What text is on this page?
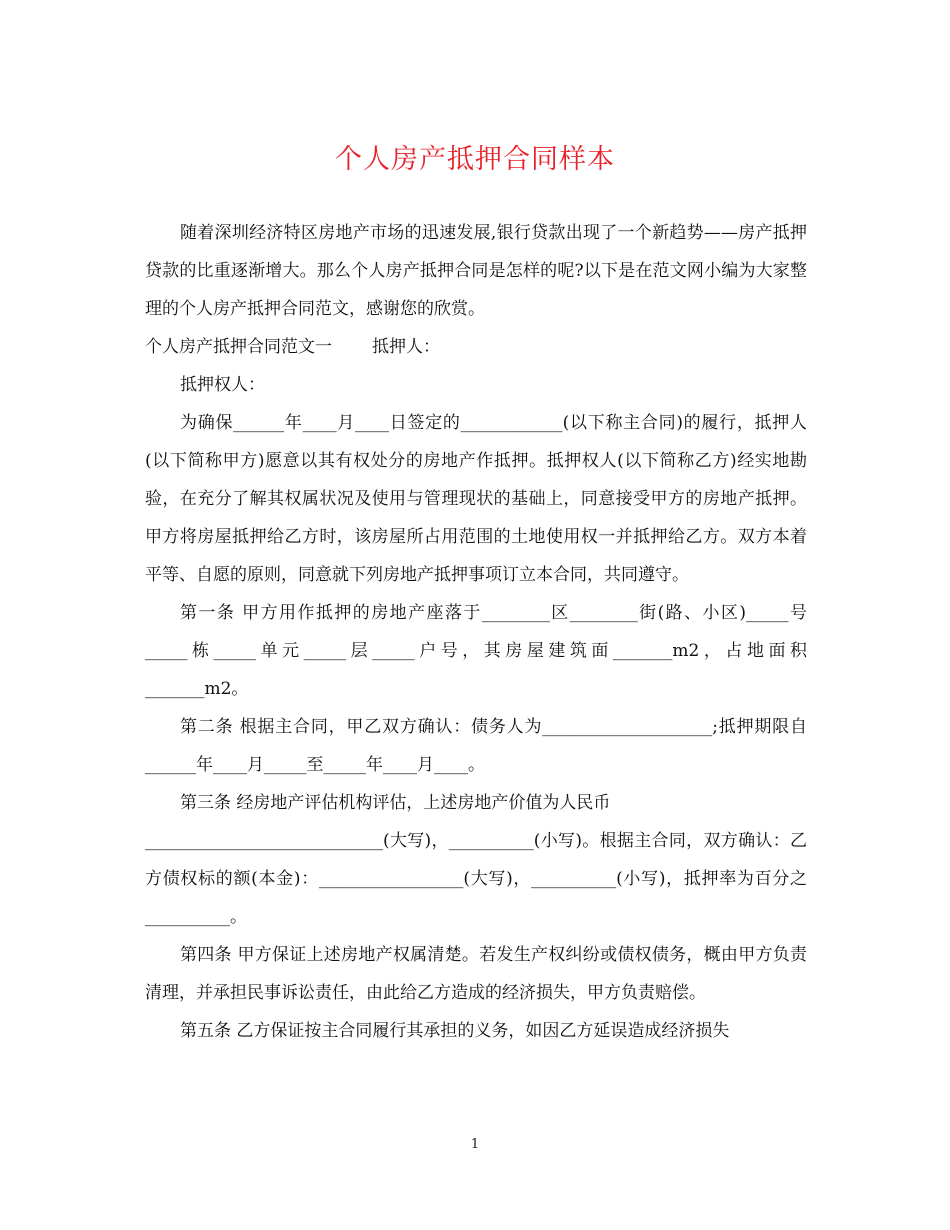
个人房产抵押合同样本

随着深圳经济特区房地产市场的迅速发展,银行贷款出现了一个新趋势——房产抵押贷款的比重逐渐增大。那么个人房产抵押合同是怎样的呢?以下是在范文网小编为大家整理的个人房产抵押合同范文，感谢您的欣赏。

个人房产抵押合同范文一 抵押人：

抵押权人：

为确保______年____月____日签定的____________(以下称主合同)的履行，抵押人(以下简称甲方)愿意以其有权处分的房地产作抵押。抵押权人(以下简称乙方)经实地勘验，在充分了解其权属状况及使用与管理现状的基础上，同意接受甲方的房地产抵押。甲方将房屋抵押给乙方时，该房屋所占用范围的土地使用权一并抵押给乙方。双方本着平等、自愿的原则，同意就下列房地产抵押事项订立本合同，共同遵守。

第一条 甲方用作抵押的房地产座落于________区________街(路、小区)_____号_____栋_____单元_____层_____户号，其房屋建筑面_______m2，占地面积_______m2。

第二条 根据主合同，甲乙双方确认：债务人为____________________;抵押期限自______年____月_____至_____年____月____。

第三条 经房地产评估机构评估，上述房地产价值为人民币

____________________________(大写)，__________(小写)。根据主合同，双方确认：乙方债权标的额(本金)：_________________(大写)，__________(小写)，抵押率为百分之__________。

第四条 甲方保证上述房地产权属清楚。若发生产权纠纷或债权债务，概由甲方负责清理，并承担民事诉讼责任，由此给乙方造成的经济损失，甲方负责赔偿。

第五条 乙方保证按主合同履行其承担的义务，如因乙方延误造成经济损失

1
